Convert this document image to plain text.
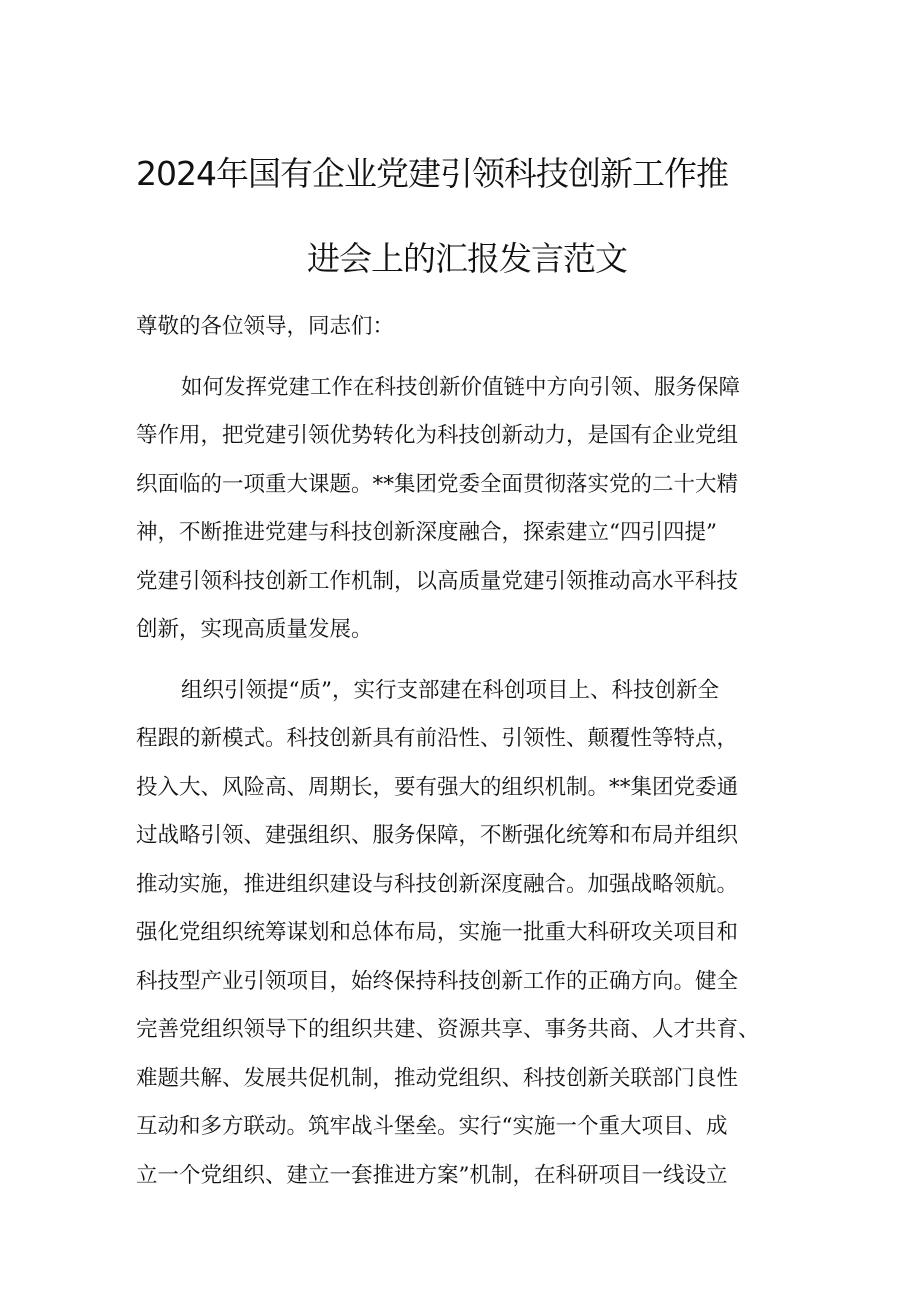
2024年国有企业党建引领科技创新工作推
进会上的汇报发言范文
尊敬的各位领导，同志们：
如何发挥党建工作在科技创新价值链中方向引领、服务保障
等作用，把党建引领优势转化为科技创新动力，是国有企业党组
织面临的一项重大课题。**集团党委全面贯彻落实党的二十大精
神，不断推进党建与科技创新深度融合，探索建立“四引四提”
党建引领科技创新工作机制，以高质量党建引领推动高水平科技
创新，实现高质量发展。
组织引领提“质”，实行支部建在科创项目上、科技创新全
程跟的新模式。科技创新具有前沿性、引领性、颠覆性等特点，
投入大、风险高、周期长，要有强大的组织机制。**集团党委通
过战略引领、建强组织、服务保障，不断强化统筹和布局并组织
推动实施，推进组织建设与科技创新深度融合。加强战略领航。
强化党组织统筹谋划和总体布局，实施一批重大科研攻关项目和
科技型产业引领项目，始终保持科技创新工作的正确方向。健全
完善党组织领导下的组织共建、资源共享、事务共商、人才共育、
难题共解、发展共促机制，推动党组织、科技创新关联部门良性
互动和多方联动。筑牢战斗堡垒。实行“实施一个重大项目、成
立一个党组织、建立一套推进方案”机制，在科研项目一线设立
